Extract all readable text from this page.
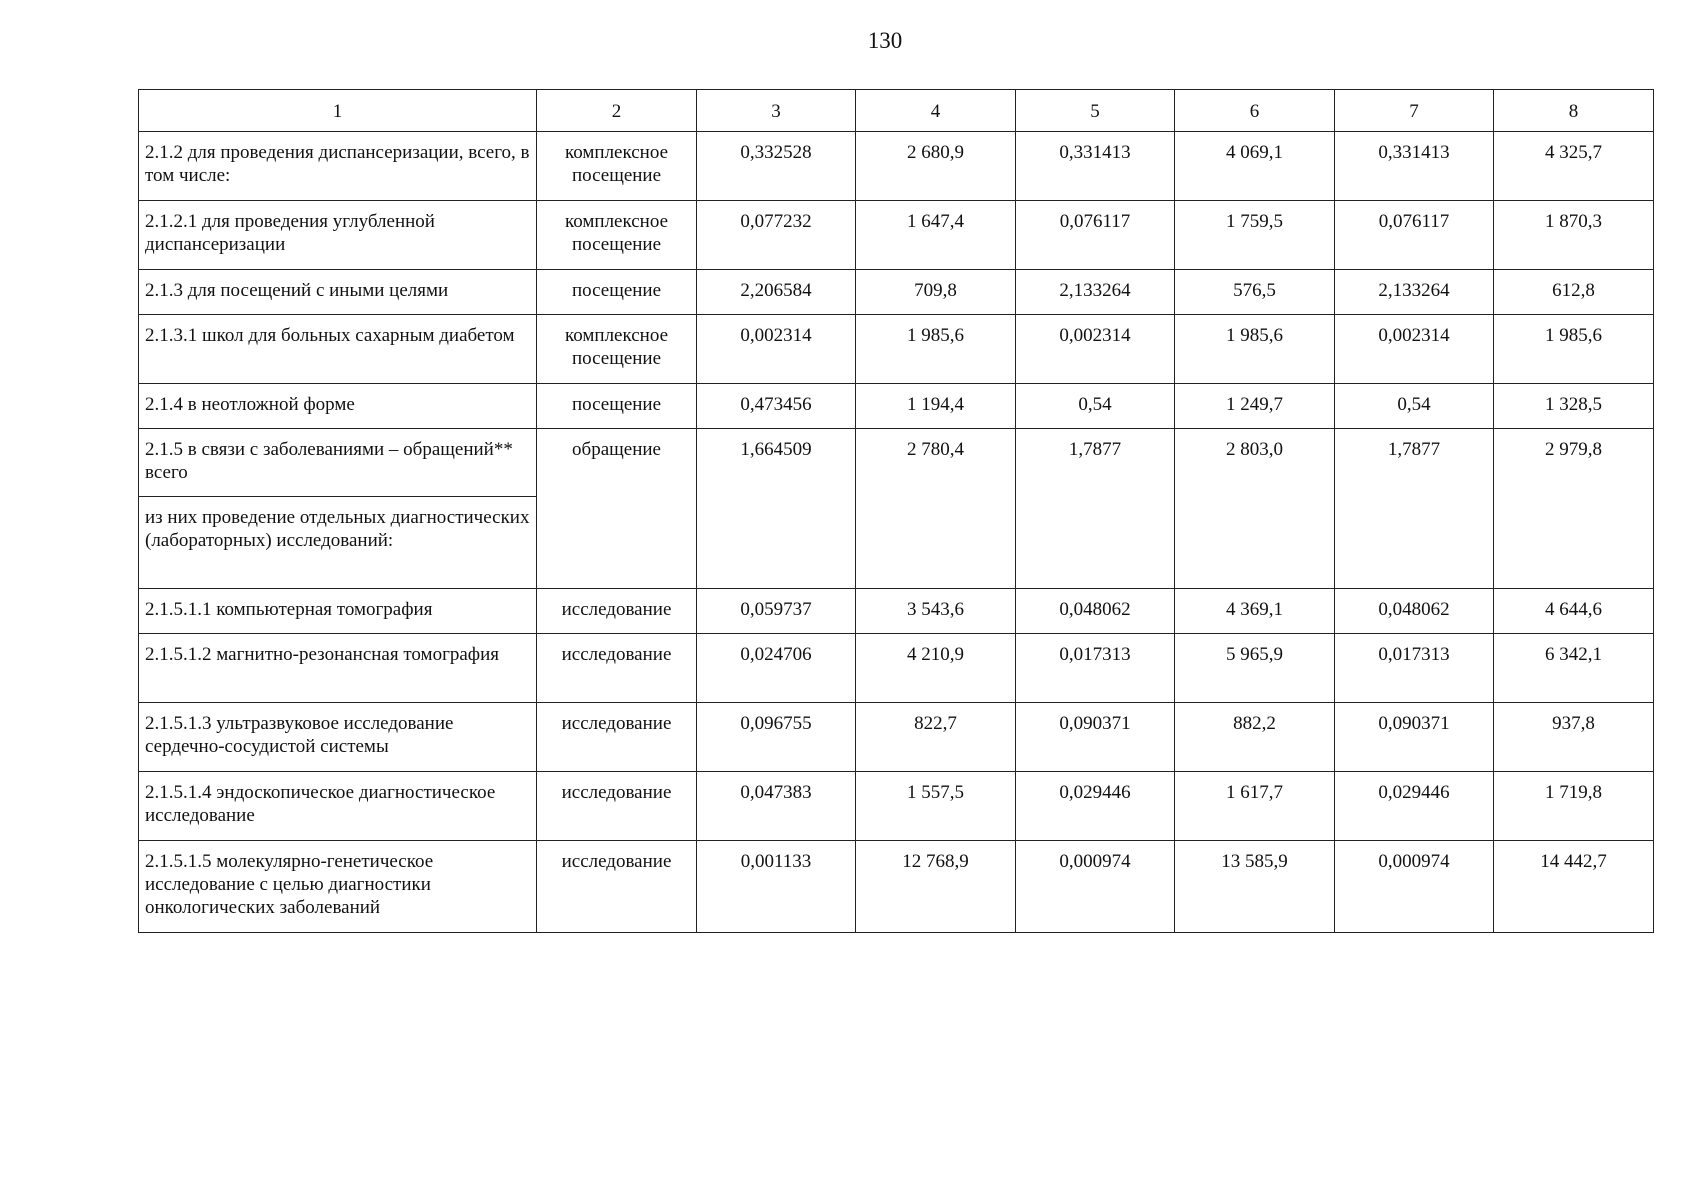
130
1	2	3	4	5	6	7	8
2.1.2 для проведения диспансеризации, всего, в том числе:	комплексное посещение	0,332528	2 680,9	0,331413	4 069,1	0,331413	4 325,7
2.1.2.1 для проведения углубленной диспансеризации	комплексное посещение	0,077232	1 647,4	0,076117	1 759,5	0,076117	1 870,3
2.1.3 для посещений с иными целями	посещение	2,206584	709,8	2,133264	576,5	2,133264	612,8
2.1.3.1 школ для больных сахарным диабетом	комплексное посещение	0,002314	1 985,6	0,002314	1 985,6	0,002314	1 985,6
2.1.4 в неотложной форме	посещение	0,473456	1 194,4	0,54	1 249,7	0,54	1 328,5
2.1.5 в связи с заболеваниями – обращений** всего	обращение	1,664509	2 780,4	1,7877	2 803,0	1,7877	2 979,8
из них проведение отдельных диагностических (лабораторных) исследований:							
2.1.5.1.1 компьютерная томография	исследование	0,059737	3 543,6	0,048062	4 369,1	0,048062	4 644,6
2.1.5.1.2 магнитно-резонансная томография	исследование	0,024706	4 210,9	0,017313	5 965,9	0,017313	6 342,1
2.1.5.1.3 ультразвуковое исследование сердечно-сосудистой системы	исследование	0,096755	822,7	0,090371	882,2	0,090371	937,8
2.1.5.1.4 эндоскопическое диагностическое исследование	исследование	0,047383	1 557,5	0,029446	1 617,7	0,029446	1 719,8
2.1.5.1.5 молекулярно-генетическое исследование с целью диагностики онкологических заболеваний	исследование	0,001133	12 768,9	0,000974	13 585,9	0,000974	14 442,7
